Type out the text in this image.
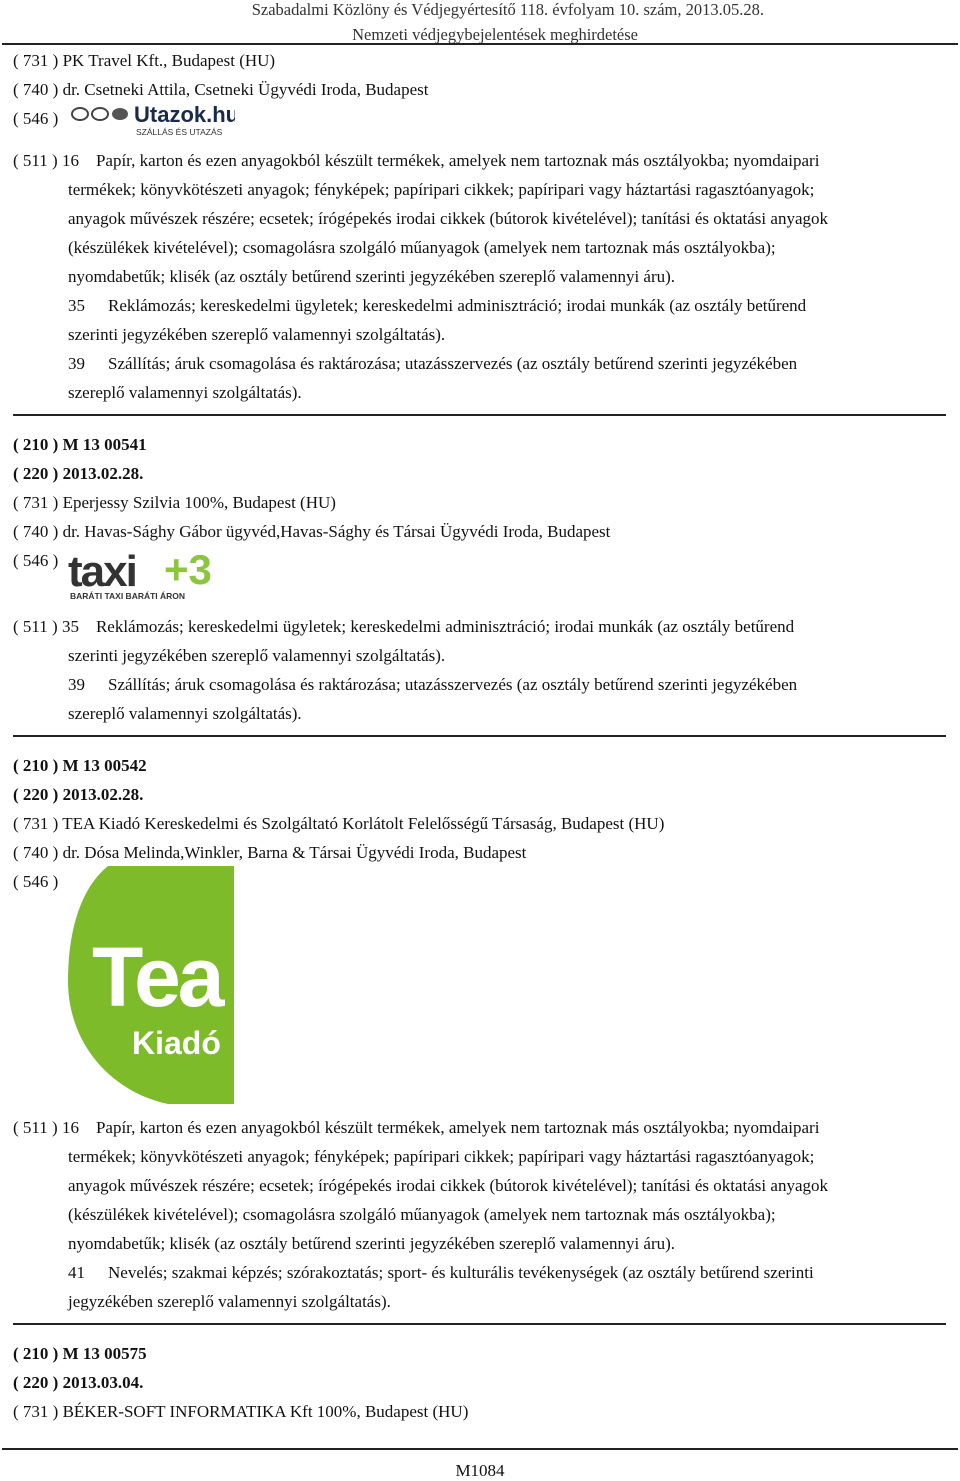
Szabadalmi Közlöny és Védjegyértesítő 118. évfolyam 10. szám, 2013.05.28.
Nemzeti védjegybejelentések meghirdetése
( 731 ) PK Travel Kft., Budapest (HU)
( 740 ) dr. Csetneki Attila, Csetneki Ügyvédi Iroda, Budapest
( 546 )	Utazok.hu
SZÁLLÁS ÉS UTAZÁS
( 511 ) 16 Papír, karton és ezen anyagokból készült termékek, amelyek nem tartoznak más osztályokba; nyomdaipari
termékek; könyvkötészeti anyagok; fényképek; papíripari cikkek; papíripari vagy háztartási ragasztóanyagok;
anyagok művészek részére; ecsetek; írógépekés irodai cikkek (bútorok kivételével); tanítási és oktatási anyagok
(készülékek kivételével); csomagolásra szolgáló műanyagok (amelyek nem tartoznak más osztályokba);
nyomdabetűk; klisék (az osztály betűrend szerinti jegyzékében szereplő valamennyi áru).
35 Reklámozás; kereskedelmi ügyletek; kereskedelmi adminisztráció; irodai munkák (az osztály betűrend
szerinti jegyzékében szereplő valamennyi szolgáltatás).
39 Szállítás; áruk csomagolása és raktározása; utazásszervezés (az osztály betűrend szerinti jegyzékében
szereplő valamennyi szolgáltatás).
( 210 ) M 13 00541
( 220 ) 2013.02.28.
( 731 ) Eperjessy Szilvia 100%, Budapest (HU)
( 740 ) dr. Havas-Sághy Gábor ügyvéd,Havas-Sághy és Társai Ügyvédi Iroda, Budapest
( 546 ) taxi +3
BARÁTI TAXI BARÁTI ÁRON
( 511 ) 35 Reklámozás; kereskedelmi ügyletek; kereskedelmi adminisztráció; irodai munkák (az osztály betűrend
szerinti jegyzékében szereplő valamennyi szolgáltatás).
39 Szállítás; áruk csomagolása és raktározása; utazásszervezés (az osztály betűrend szerinti jegyzékében
szereplő valamennyi szolgáltatás).
( 210 ) M 13 00542
( 220 ) 2013.02.28.
( 731 ) TEA Kiadó Kereskedelmi és Szolgáltató Korlátolt Felelősségű Társaság, Budapest (HU)
( 740 ) dr. Dósa Melinda,Winkler, Barna & Társai Ügyvédi Iroda, Budapest
( 546 )
Tea
Kiadó
( 511 ) 16 Papír, karton és ezen anyagokból készült termékek, amelyek nem tartoznak más osztályokba; nyomdaipari
termékek; könyvkötészeti anyagok; fényképek; papíripari cikkek; papíripari vagy háztartási ragasztóanyagok;
anyagok művészek részére; ecsetek; írógépekés irodai cikkek (bútorok kivételével); tanítási és oktatási anyagok
(készülékek kivételével); csomagolásra szolgáló műanyagok (amelyek nem tartoznak más osztályokba);
nyomdabetűk; klisék (az osztály betűrend szerinti jegyzékében szereplő valamennyi áru).
41 Nevelés; szakmai képzés; szórakoztatás; sport- és kulturális tevékenységek (az osztály betűrend szerinti
jegyzékében szereplő valamennyi szolgáltatás).
( 210 ) M 13 00575
( 220 ) 2013.03.04.
( 731 ) BÉKER-SOFT INFORMATIKA Kft 100%, Budapest (HU)
M1084
